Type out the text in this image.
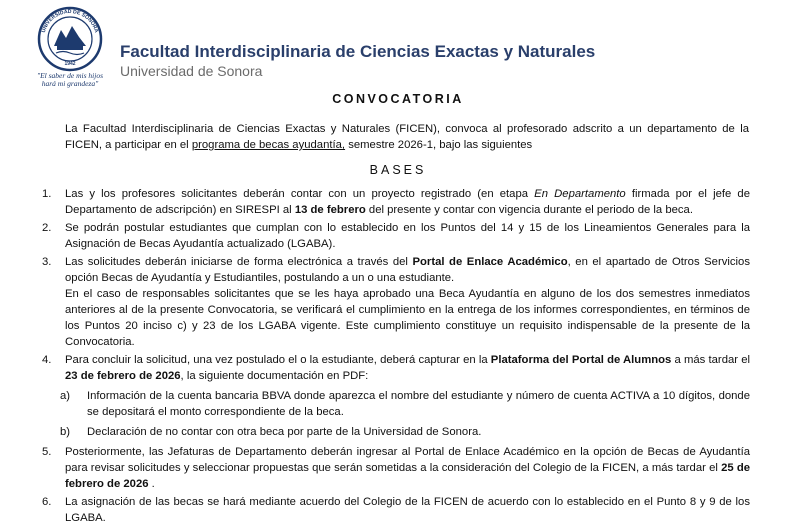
UNIVERSIDAD DE SONORA
1942
"El saber de mis hijos hará mi grandeza"
Facultad Interdisciplinaria de Ciencias Exactas y Naturales
Universidad de Sonora
CONVOCATORIA
La Facultad Interdisciplinaria de Ciencias Exactas y Naturales (FICEN), convoca al profesorado adscrito a un departamento de la FICEN, a participar en el programa de becas ayudantía, semestre 2026-1, bajo las siguientes
BASES
1. Las y los profesores solicitantes deberán contar con un proyecto registrado (en etapa En Departamento firmada por el jefe de Departamento de adscripción) en SIRESPI al 13 de febrero del presente y contar con vigencia durante el periodo de la beca.
2. Se podrán postular estudiantes que cumplan con lo establecido en los Puntos del 14 y 15 de los Lineamientos Generales para la Asignación de Becas Ayudantía actualizado (LGABA).
3. Las solicitudes deberán iniciarse de forma electrónica a través del Portal de Enlace Académico, en el apartado de Otros Servicios opción Becas de Ayudantía y Estudiantiles, postulando a un o una estudiante.
En el caso de responsables solicitantes que se les haya aprobado una Beca Ayudantía en alguno de los dos semestres inmediatos anteriores al de la presente Convocatoria, se verificará el cumplimiento en la entrega de los informes correspondientes, en términos de los Puntos 20 inciso c) y 23 de los LGABA vigente. Este cumplimiento constituye un requisito indispensable de la presente de la Convocatoria.
4. Para concluir la solicitud, una vez postulado el o la estudiante, deberá capturar en la Plataforma del Portal de Alumnos a más tardar el 23 de febrero de 2026, la siguiente documentación en PDF:
a) Información de la cuenta bancaria BBVA donde aparezca el nombre del estudiante y número de cuenta ACTIVA a 10 dígitos, donde se depositará el monto correspondiente de la beca.
b) Declaración de no contar con otra beca por parte de la Universidad de Sonora.
5. Posteriormente, las Jefaturas de Departamento deberán ingresar al Portal de Enlace Académico en la opción de Becas de Ayudantía para revisar solicitudes y seleccionar propuestas que serán sometidas a la consideración del Colegio de la FICEN, a más tardar el 25 de febrero de 2026 .
6. La asignación de las becas se hará mediante acuerdo del Colegio de la FICEN de acuerdo con lo establecido en el Punto 8 y 9 de los LGABA.
